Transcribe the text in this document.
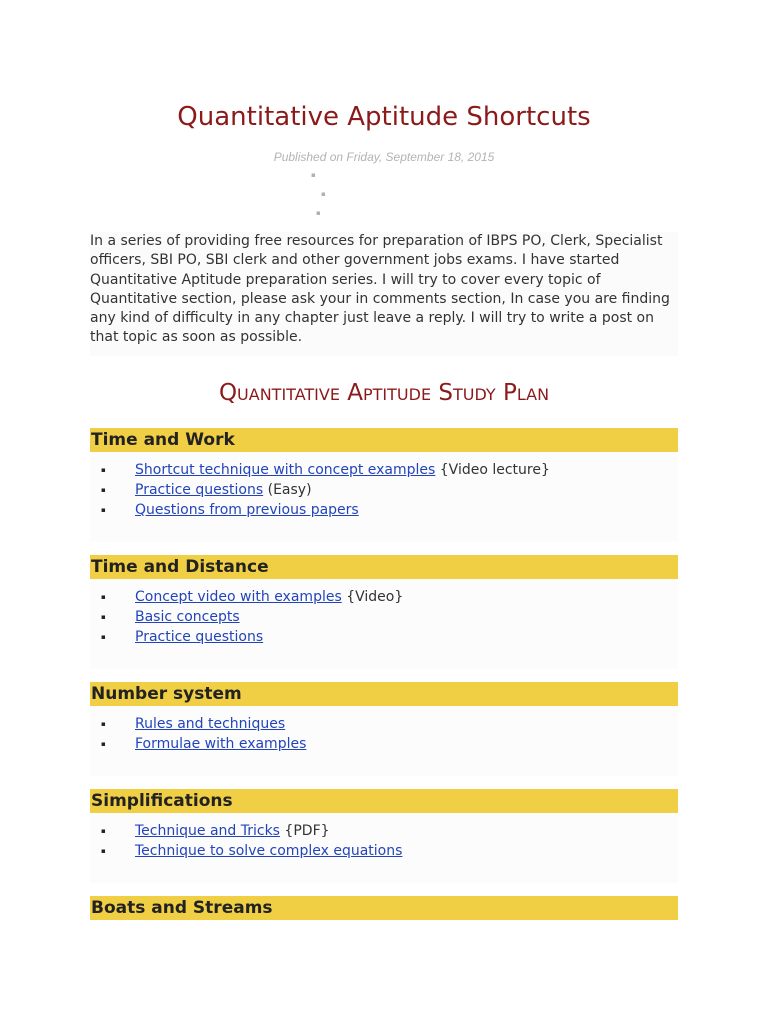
Quantitative Aptitude Shortcuts
Published on Friday, September 18, 2015
▪
▪
▪

In a series of providing free resources for preparation of IBPS PO, Clerk, Specialist officers, SBI PO, SBI clerk and other government jobs exams. I have started Quantitative Aptitude preparation series. I will try to cover every topic of Quantitative section, please ask your in comments section, In case you are finding any kind of difficulty in any chapter just leave a reply. I will try to write a post on that topic as soon as possible.

Quantitative Aptitude Study Plan
Time and Work
▪ Shortcut technique with concept examples {Video lecture}
▪ Practice questions (Easy)
▪ Questions from previous papers
Time and Distance
▪ Concept video with examples {Video}
▪ Basic concepts
▪ Practice questions
Number system
▪ Rules and techniques
▪ Formulae with examples
Simplifications
▪ Technique and Tricks {PDF}
▪ Technique to solve complex equations
Boats and Streams
